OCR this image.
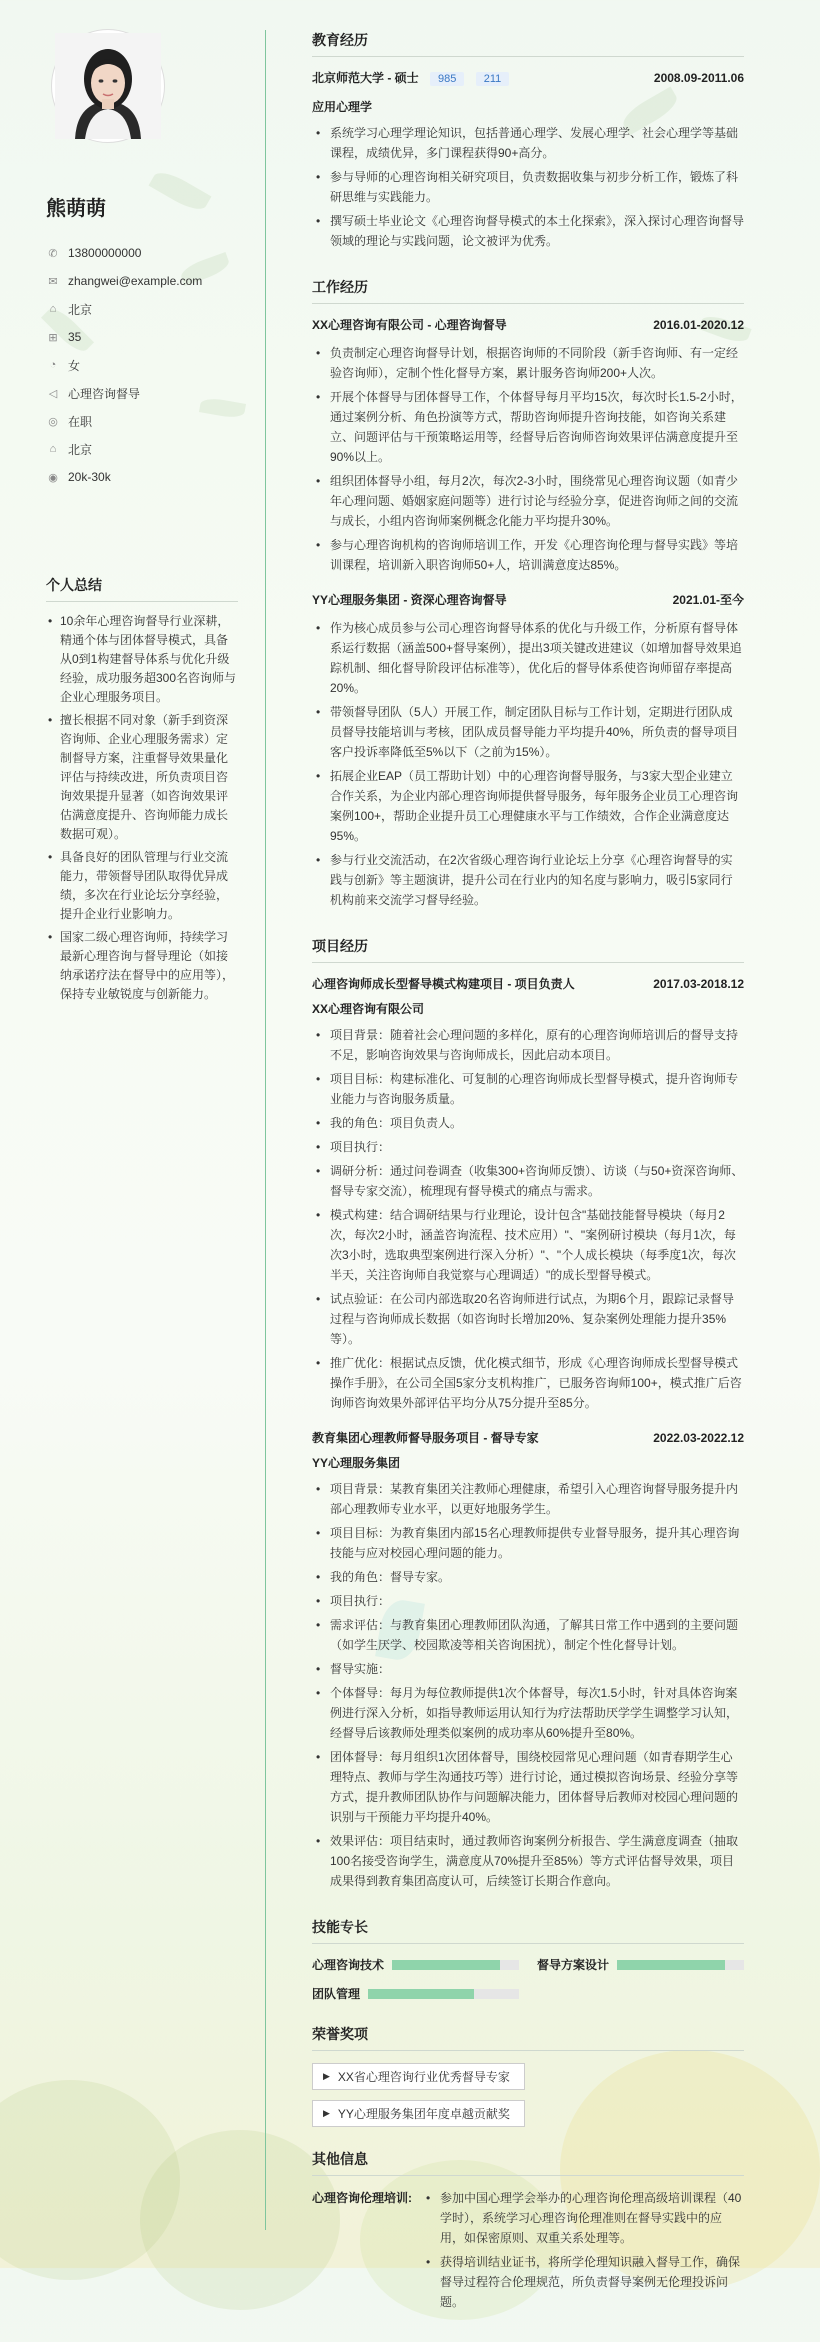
熊萌萌
✆ 13800000000
✉ zhangwei@example.com
⌂ 北京
⊞ 35
◔ 女
◁ 心理咨询督导
◎ 在职
⌂ 北京
◉ 20k-30k
个人总结
• 10余年心理咨询督导行业深耕，精通个体与团体督导模式，具备从0到1构建督导体系与优化升级经验，成功服务超300名咨询师与企业心理服务项目。
• 擅长根据不同对象（新手到资深咨询师、企业心理服务需求）定制督导方案，注重督导效果量化评估与持续改进，所负责项目咨询效果提升显著（如咨询效果评估满意度提升、咨询师能力成长数据可观）。
• 具备良好的团队管理与行业交流能力，带领督导团队取得优异成绩，多次在行业论坛分享经验，提升企业行业影响力。
• 国家二级心理咨询师，持续学习最新心理咨询与督导理论（如接纳承诺疗法在督导中的应用等），保持专业敏锐度与创新能力。
教育经历
北京师范大学 - 硕士 985 211	2008.09-2011.06
应用心理学
• 系统学习心理学理论知识，包括普通心理学、发展心理学、社会心理学等基础课程，成绩优异，多门课程获得90+高分。
• 参与导师的心理咨询相关研究项目，负责数据收集与初步分析工作，锻炼了科研思维与实践能力。
• 撰写硕士毕业论文《心理咨询督导模式的本土化探索》，深入探讨心理咨询督导领域的理论与实践问题，论文被评为优秀。
工作经历
XX心理咨询有限公司 - 心理咨询督导	2016.01-2020.12
• 负责制定心理咨询督导计划，根据咨询师的不同阶段（新手咨询师、有一定经验咨询师），定制个性化督导方案，累计服务咨询师200+人次。
• 开展个体督导与团体督导工作，个体督导每月平均15次，每次时长1.5-2小时，通过案例分析、角色扮演等方式，帮助咨询师提升咨询技能，如咨询关系建立、问题评估与干预策略运用等，经督导后咨询师咨询效果评估满意度提升至90%以上。
• 组织团体督导小组，每月2次，每次2-3小时，围绕常见心理咨询议题（如青少年心理问题、婚姻家庭问题等）进行讨论与经验分享，促进咨询师之间的交流与成长，小组内咨询师案例概念化能力平均提升30%。
• 参与心理咨询机构的咨询师培训工作，开发《心理咨询伦理与督导实践》等培训课程，培训新入职咨询师50+人，培训满意度达85%。
YY心理服务集团 - 资深心理咨询督导	2021.01-至今
• 作为核心成员参与公司心理咨询督导体系的优化与升级工作，分析原有督导体系运行数据（涵盖500+督导案例），提出3项关键改进建议（如增加督导效果追踪机制、细化督导阶段评估标准等），优化后的督导体系使咨询师留存率提高20%。
• 带领督导团队（5人）开展工作，制定团队目标与工作计划，定期进行团队成员督导技能培训与考核，团队成员督导能力平均提升40%，所负责的督导项目客户投诉率降低至5%以下（之前为15%）。
• 拓展企业EAP（员工帮助计划）中的心理咨询督导服务，与3家大型企业建立合作关系，为企业内部心理咨询师提供督导服务，每年服务企业员工心理咨询案例100+，帮助企业提升员工心理健康水平与工作绩效，合作企业满意度达95%。
• 参与行业交流活动，在2次省级心理咨询行业论坛上分享《心理咨询督导的实践与创新》等主题演讲，提升公司在行业内的知名度与影响力，吸引5家同行机构前来交流学习督导经验。
项目经历
心理咨询师成长型督导模式构建项目 - 项目负责人	2017.03-2018.12
XX心理咨询有限公司
• 项目背景：随着社会心理问题的多样化，原有的心理咨询师培训后的督导支持不足，影响咨询效果与咨询师成长，因此启动本项目。
• 项目目标：构建标准化、可复制的心理咨询师成长型督导模式，提升咨询师专业能力与咨询服务质量。
• 我的角色：项目负责人。
• 项目执行：
• 调研分析：通过问卷调查（收集300+咨询师反馈）、访谈（与50+资深咨询师、督导专家交流），梳理现有督导模式的痛点与需求。
• 模式构建：结合调研结果与行业理论，设计包含"基础技能督导模块（每月2次，每次2小时，涵盖咨询流程、技术应用）"、"案例研讨模块（每月1次，每次3小时，选取典型案例进行深入分析）"、"个人成长模块（每季度1次，每次半天，关注咨询师自我觉察与心理调适）"的成长型督导模式。
• 试点验证：在公司内部选取20名咨询师进行试点，为期6个月，跟踪记录督导过程与咨询师成长数据（如咨询时长增加20%、复杂案例处理能力提升35%等）。
• 推广优化：根据试点反馈，优化模式细节，形成《心理咨询师成长型督导模式操作手册》，在公司全国5家分支机构推广，已服务咨询师100+，模式推广后咨询师咨询效果外部评估平均分从75分提升至85分。
教育集团心理教师督导服务项目 - 督导专家	2022.03-2022.12
YY心理服务集团
• 项目背景：某教育集团关注教师心理健康，希望引入心理咨询督导服务提升内部心理教师专业水平，以更好地服务学生。
• 项目目标：为教育集团内部15名心理教师提供专业督导服务，提升其心理咨询技能与应对校园心理问题的能力。
• 我的角色：督导专家。
• 项目执行：
• 需求评估：与教育集团心理教师团队沟通，了解其日常工作中遇到的主要问题（如学生厌学、校园欺凌等相关咨询困扰），制定个性化督导计划。
• 督导实施：
• 个体督导：每月为每位教师提供1次个体督导，每次1.5小时，针对具体咨询案例进行深入分析，如指导教师运用认知行为疗法帮助厌学学生调整学习认知，经督导后该教师处理类似案例的成功率从60%提升至80%。
• 团体督导：每月组织1次团体督导，围绕校园常见心理问题（如青春期学生心理特点、教师与学生沟通技巧等）进行讨论，通过模拟咨询场景、经验分享等方式，提升教师团队协作与问题解决能力，团体督导后教师对校园心理问题的识别与干预能力平均提升40%。
• 效果评估：项目结束时，通过教师咨询案例分析报告、学生满意度调查（抽取100名接受咨询学生，满意度从70%提升至85%）等方式评估督导效果，项目成果得到教育集团高度认可，后续签订长期合作意向。
技能专长
心理咨询技术	督导方案设计
团队管理
荣誉奖项
▶ XX省心理咨询行业优秀督导专家
▶ YY心理服务集团年度卓越贡献奖
其他信息
心理咨询伦理培训:
•	参加中国心理学会举办的心理咨询伦理高级培训课程（40学时），系统学习心理咨询伦理准则在督导实践中的应用，如保密原则、双重关系处理等。
• 获得培训结业证书，将所学伦理知识融入督导工作，确保督导过程符合伦理规范，所负责督导案例无伦理投诉问题。
